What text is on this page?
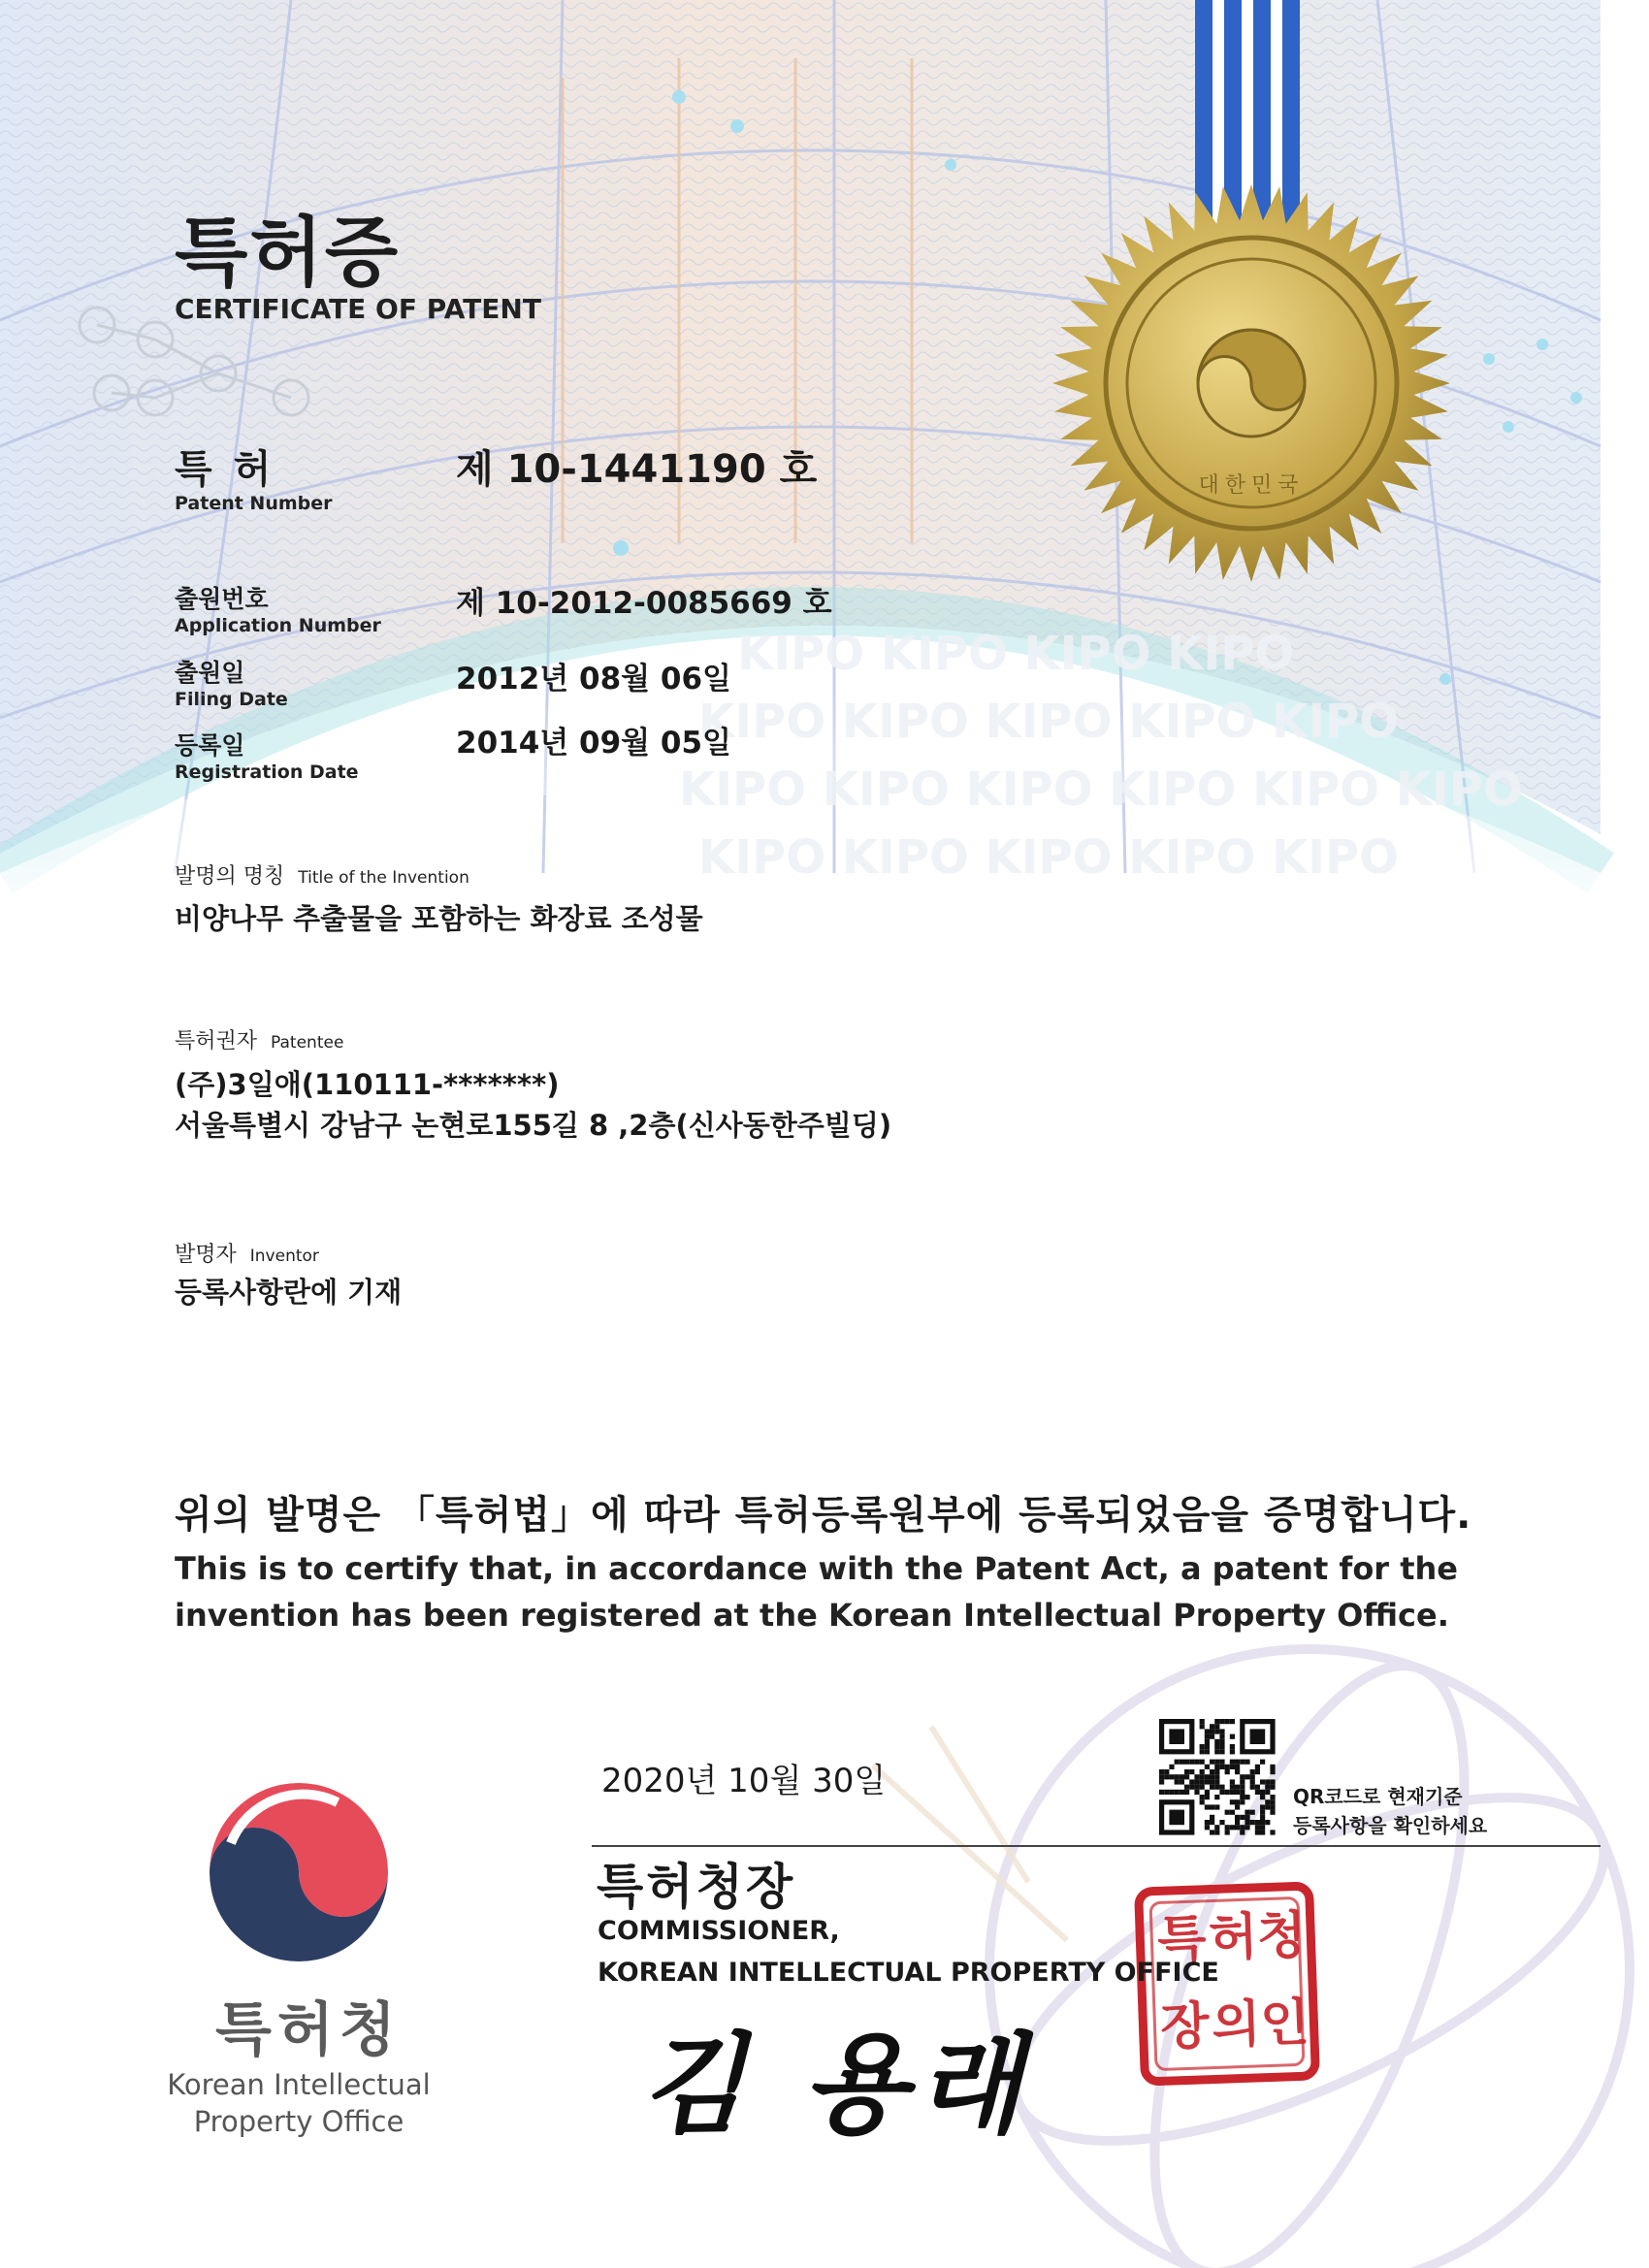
KIPO KIPO KIPO KIPO
KIPO KIPO KIPO KIPO KIPO
KIPO KIPO KIPO KIPO KIPO KIPO
KIPO KIPO KIPO KIPO KIPO
대한민국
특 허
청
장 의
인
특허증
CERTIFICATE OF PATENT
특 허
Patent Number
제 10-1441190 호
출원번호
Application Number
제 10-2012-0085669 호
출원일
Filing Date
2012년 08월 06일
등록일
Registration Date
2014년 09월 05일
발명의 명칭 Title of the Invention
비양나무 추출물을 포함하는 화장료 조성물
특허권자 Patentee
(주)3일애(110111-*******)
서울특별시 강남구 논현로155길 8 ,2층(신사동한주빌딩)
발명자 Inventor
등록사항란에 기재
위의 발명은 「특허법」에 따라 특허등록원부에 등록되었음을 증명합니다.
This is to certify that, in accordance with the Patent Act, a patent for the
invention has been registered at the Korean Intellectual Property Office.
2020년 10월 30일	QR코드로 현재기준
등록사항을 확인하세요
특허청장
COMMISSIONER,
KOREAN INTELLECTUAL PROPERTY OFFICE
김 용래
특허청
Korean Intellectual
Property Office
